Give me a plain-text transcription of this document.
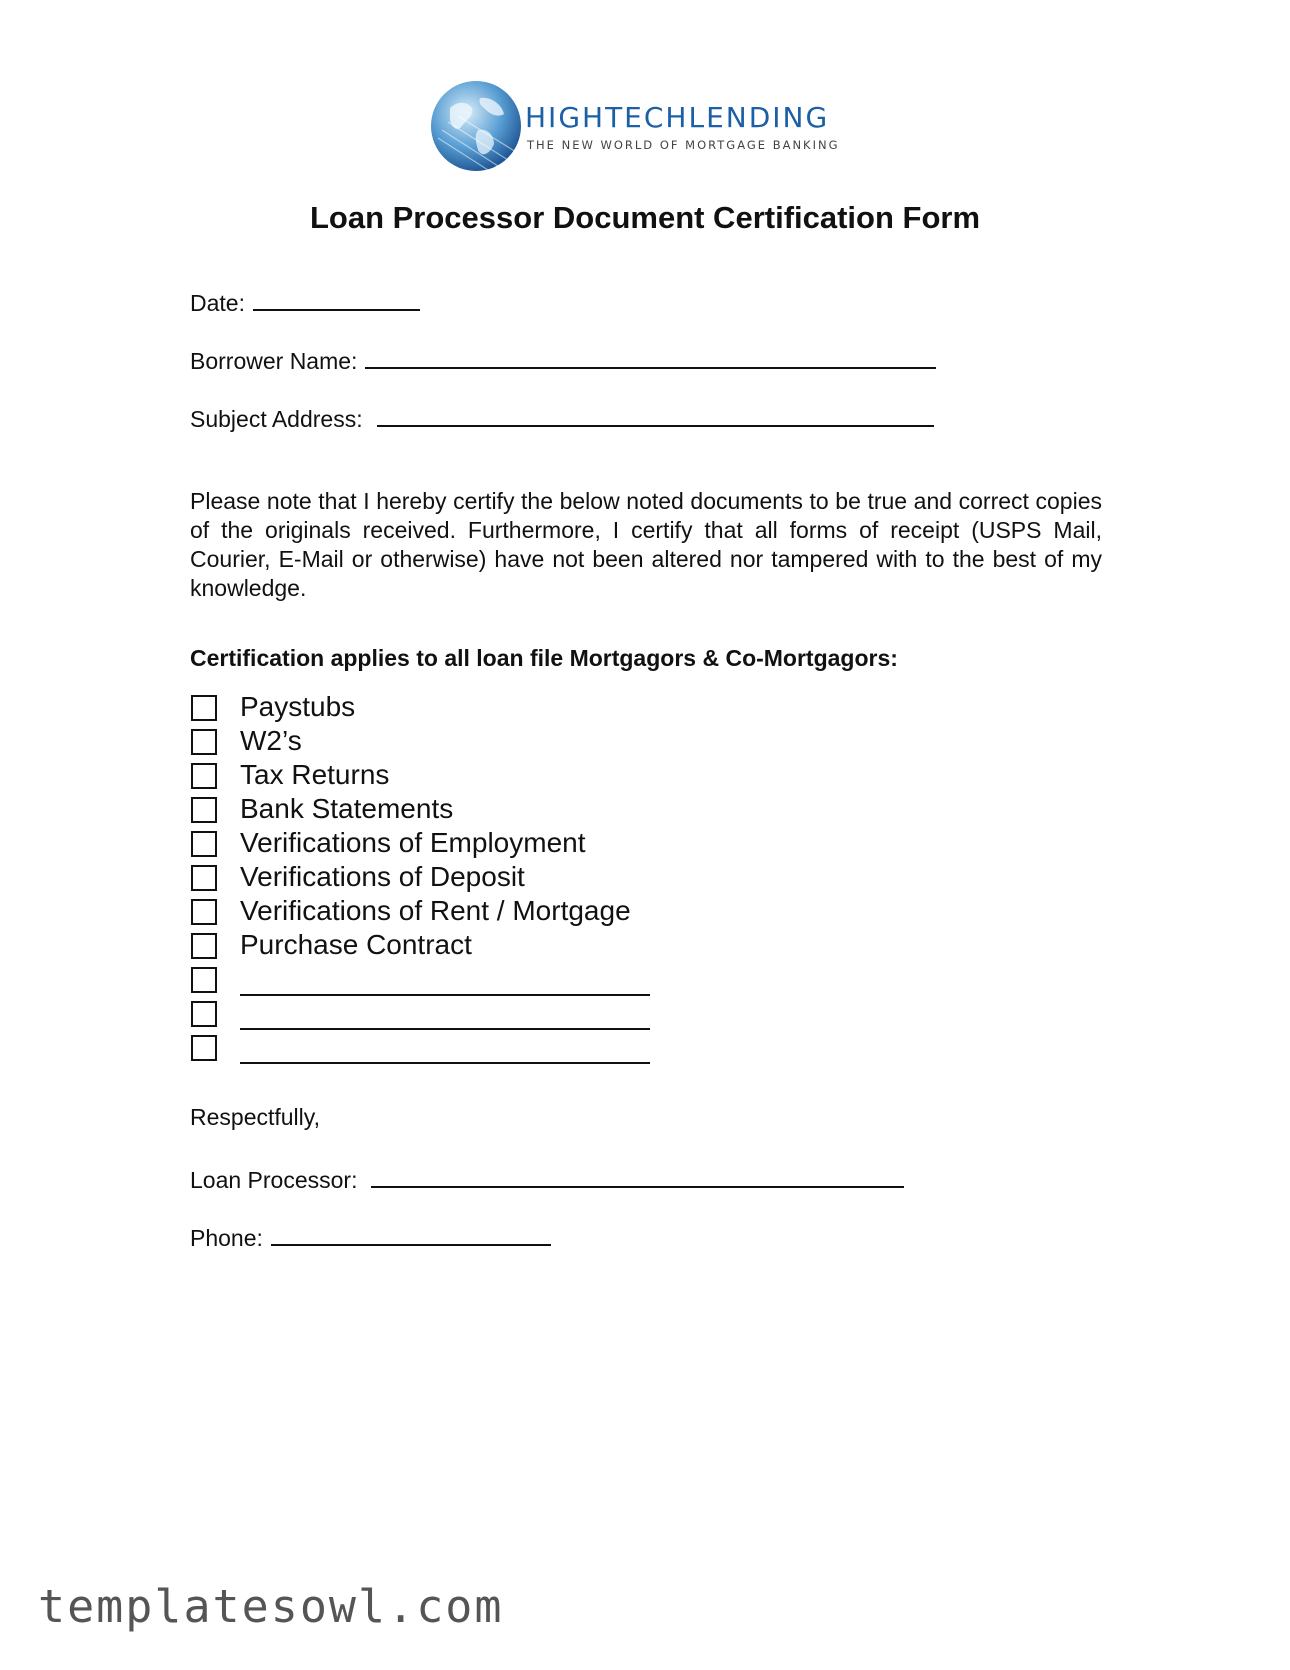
HIGHTECHLENDING
THE NEW WORLD OF MORTGAGE BANKING
Loan Processor Document Certification Form
Date:
Borrower Name:
Subject Address:

Please note that I hereby certify the below noted documents to be true and correct copies of the originals received. Furthermore, I certify that all forms of receipt (USPS Mail, Courier, E-Mail or otherwise) have not been altered nor tampered with to the best of my knowledge.

Certification applies to all loan file Mortgagors & Co-Mortgagors:
Paystubs
W2’s
Tax Returns
Bank Statements
Verifications of Employment
Verifications of Deposit
Verifications of Rent / Mortgage
Purchase Contract
Respectfully,
Loan Processor:
Phone:
templatesowl.com
